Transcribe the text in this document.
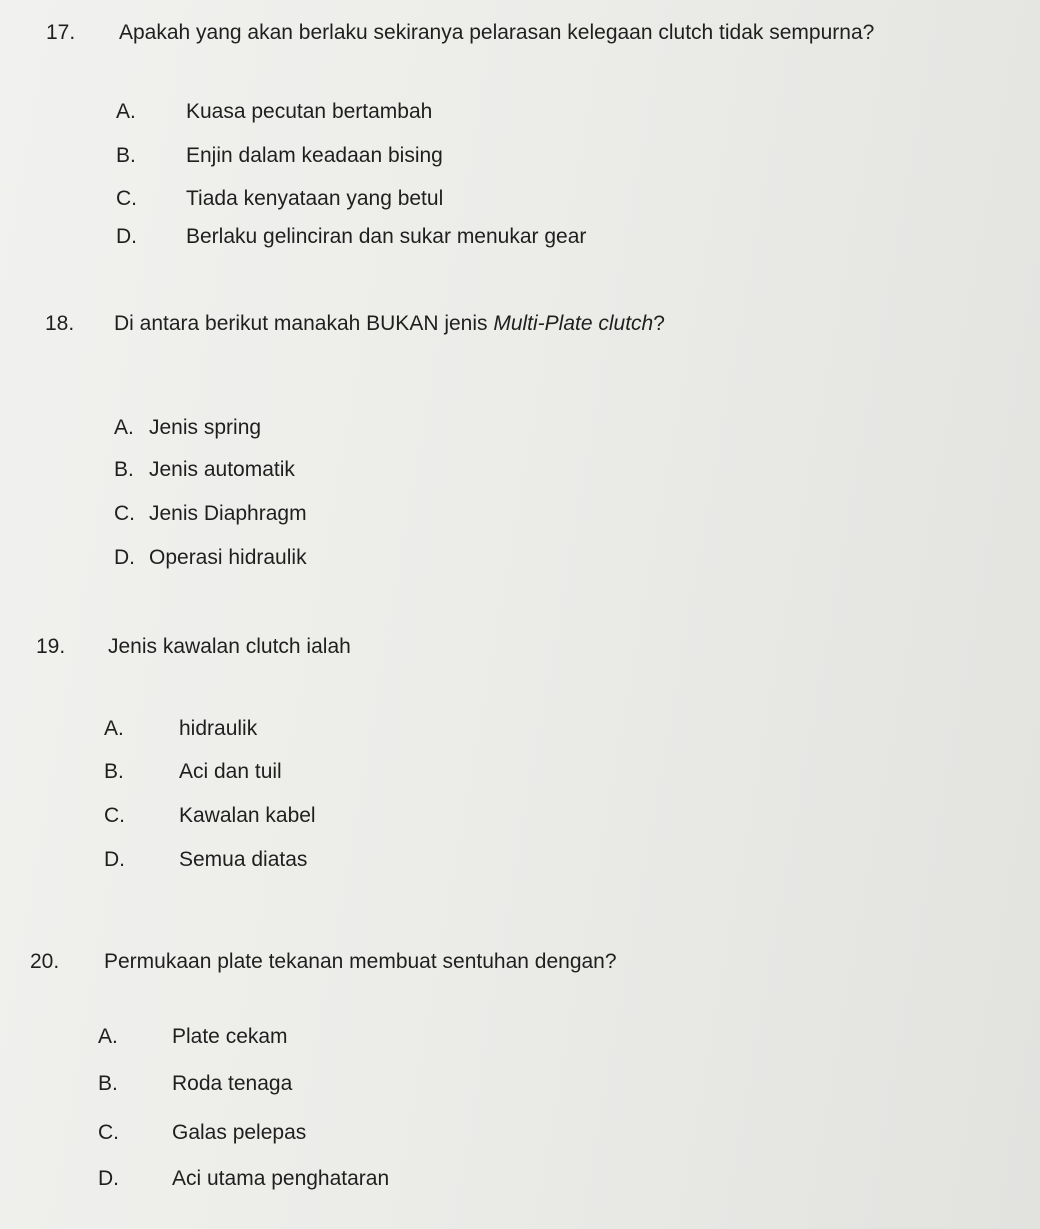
17. Apakah yang akan berlaku sekiranya pelarasan kelegaan clutch tidak sempurna?
A. Kuasa pecutan bertambah
B. Enjin dalam keadaan bising
C. Tiada kenyataan yang betul
D. Berlaku gelinciran dan sukar menukar gear
18. Di antara berikut manakah BUKAN jenis Multi-Plate clutch?
A. Jenis spring
B. Jenis automatik
C. Jenis Diaphragm
D. Operasi hidraulik
19. Jenis kawalan clutch ialah
A.	hidraulik
B.	Aci dan tuil
C.	Kawalan kabel
D.	Semua diatas
20. Permukaan plate tekanan membuat sentuhan dengan?
A.	Plate cekam
B.	Roda tenaga
C.	Galas pelepas
D.	Aci utama penghataran
